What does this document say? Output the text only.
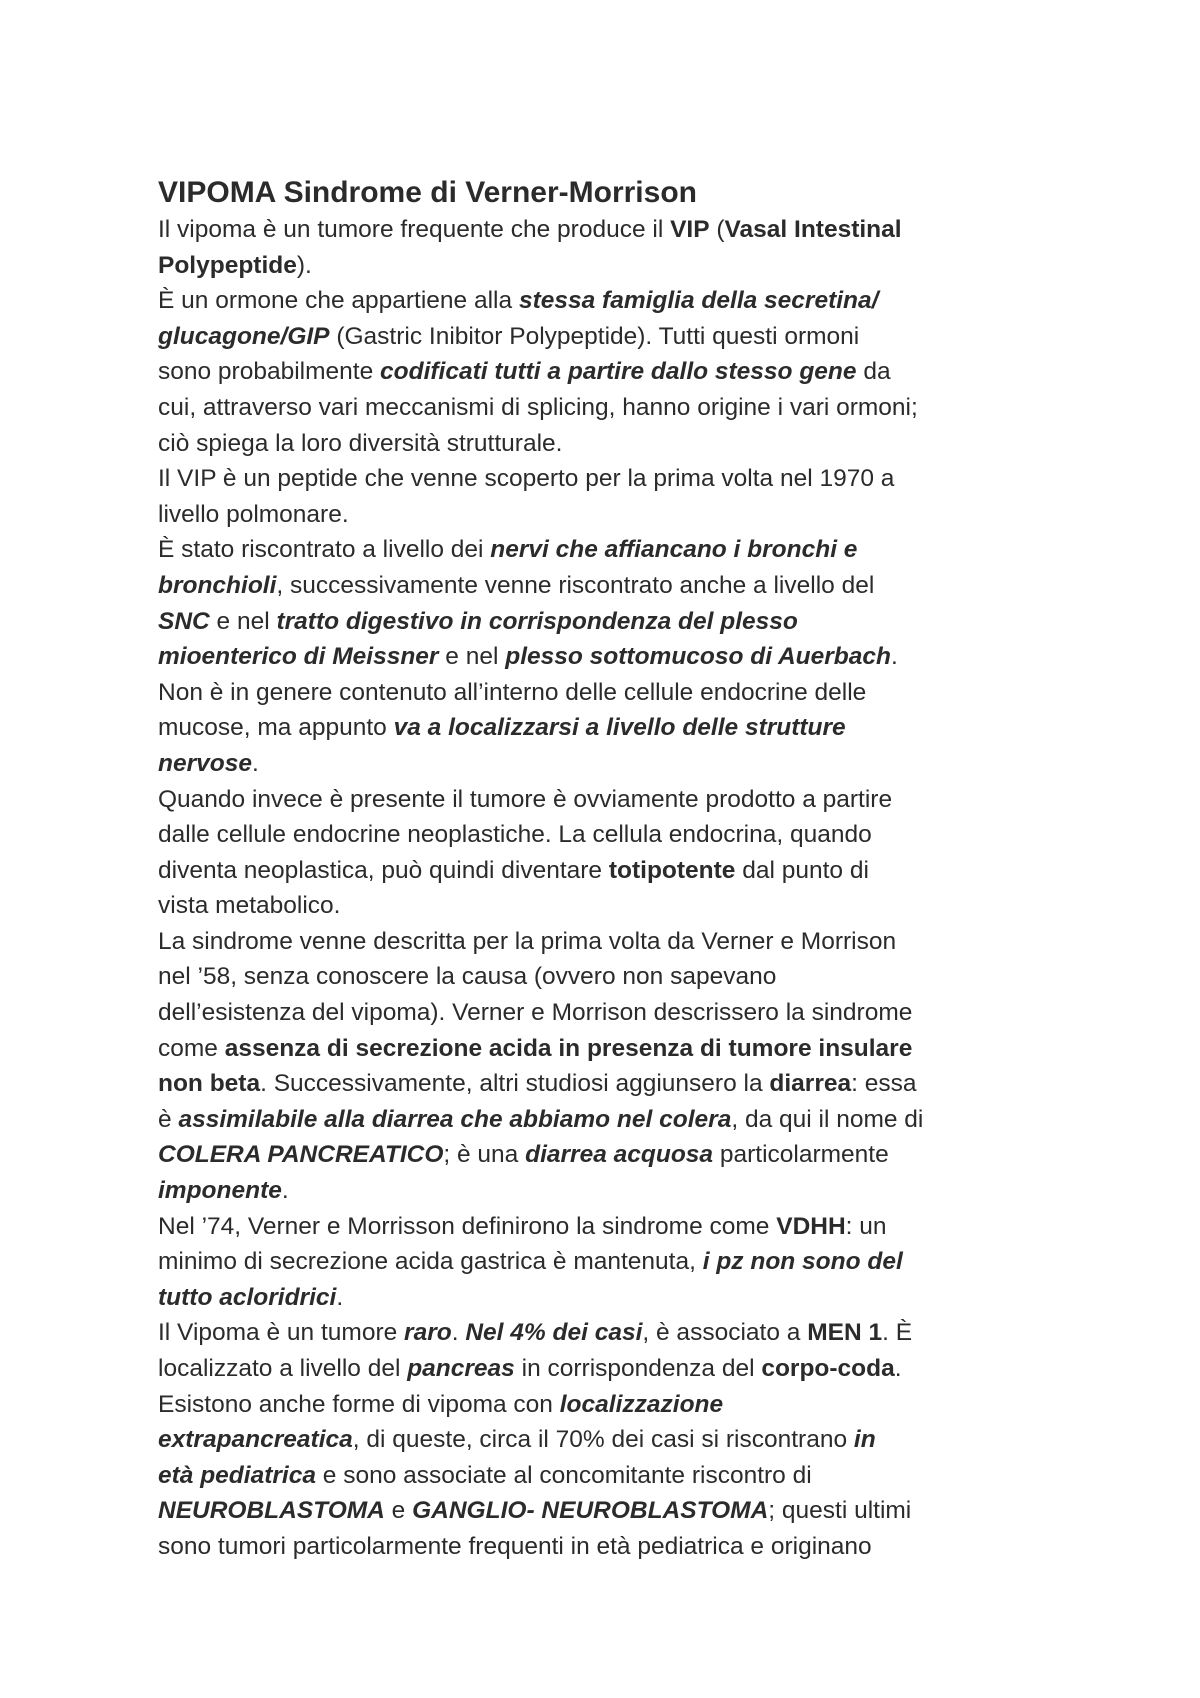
VIPOMA Sindrome di Verner-Morrison
Il vipoma è un tumore frequente che produce il VIP (Vasal Intestinal
Polypeptide).
È un ormone che appartiene alla stessa famiglia della secretina/
glucagone/GIP (Gastric Inibitor Polypeptide). Tutti questi ormoni
sono probabilmente codificati tutti a partire dallo stesso gene da
cui, attraverso vari meccanismi di splicing, hanno origine i vari ormoni;
ciò spiega la loro diversità strutturale.
Il VIP è un peptide che venne scoperto per la prima volta nel 1970 a
livello polmonare.
È stato riscontrato a livello dei nervi che affiancano i bronchi e
bronchioli, successivamente venne riscontrato anche a livello del
SNC e nel tratto digestivo in corrispondenza del plesso
mioenterico di Meissner e nel plesso sottomucoso di Auerbach.
Non è in genere contenuto all’interno delle cellule endocrine delle
mucose, ma appunto va a localizzarsi a livello delle strutture
nervose.
Quando invece è presente il tumore è ovviamente prodotto a partire
dalle cellule endocrine neoplastiche. La cellula endocrina, quando
diventa neoplastica, può quindi diventare totipotente dal punto di
vista metabolico.
La sindrome venne descritta per la prima volta da Verner e Morrison
nel ’58, senza conoscere la causa (ovvero non sapevano
dell’esistenza del vipoma). Verner e Morrison descrissero la sindrome
come assenza di secrezione acida in presenza di tumore insulare
non beta. Successivamente, altri studiosi aggiunsero la diarrea: essa
è assimilabile alla diarrea che abbiamo nel colera, da qui il nome di
COLERA PANCREATICO; è una diarrea acquosa particolarmente
imponente.
Nel ’74, Verner e Morrisson definirono la sindrome come VDHH: un
minimo di secrezione acida gastrica è mantenuta, i pz non sono del
tutto acloridrici.
Il Vipoma è un tumore raro. Nel 4% dei casi, è associato a MEN 1. È
localizzato a livello del pancreas in corrispondenza del corpo-coda.
Esistono anche forme di vipoma con localizzazione
extrapancreatica, di queste, circa il 70% dei casi si riscontrano in
età pediatrica e sono associate al concomitante riscontro di
NEUROBLASTOMA e GANGLIO- NEUROBLASTOMA; questi ultimi
sono tumori particolarmente frequenti in età pediatrica e originano
